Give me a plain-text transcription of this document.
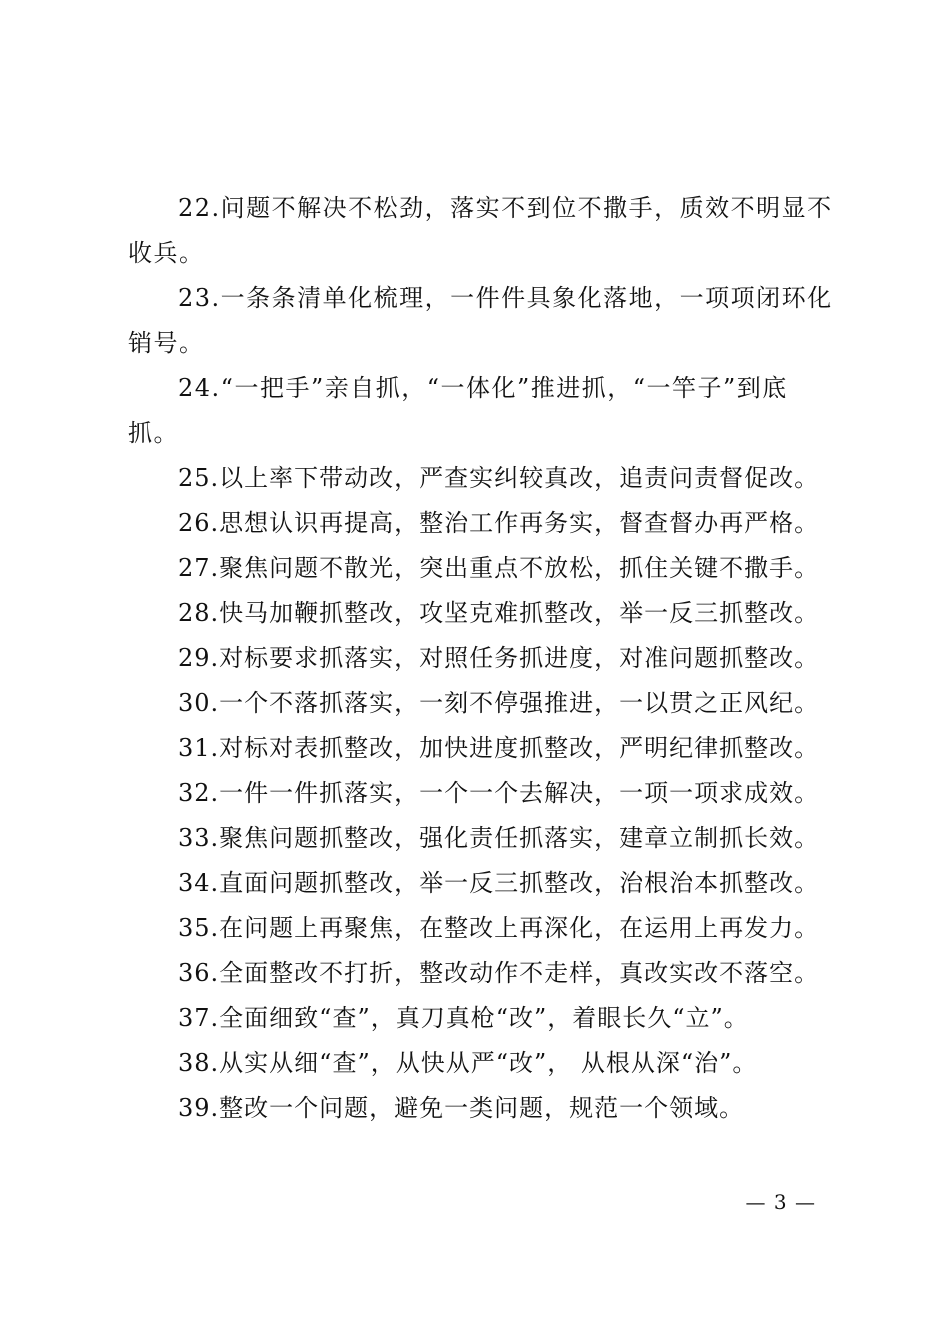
22.问题不解决不松劲，落实不到位不撒手，质效不明显不收兵。

23.一条条清单化梳理，一件件具象化落地，一项项闭环化销号。

24.“一把手”亲自抓，“一体化”推进抓，“一竿子”到底抓。

25.以上率下带动改，严查实纠较真改，追责问责督促改。

26.思想认识再提高，整治工作再务实，督查督办再严格。

27.聚焦问题不散光，突出重点不放松，抓住关键不撒手。

28.快马加鞭抓整改，攻坚克难抓整改，举一反三抓整改。

29.对标要求抓落实，对照任务抓进度，对准问题抓整改。

30.一个不落抓落实，一刻不停强推进，一以贯之正风纪。

31.对标对表抓整改，加快进度抓整改，严明纪律抓整改。

32.一件一件抓落实，一个一个去解决，一项一项求成效。

33.聚焦问题抓整改，强化责任抓落实，建章立制抓长效。

34.直面问题抓整改，举一反三抓整改，治根治本抓整改。

35.在问题上再聚焦，在整改上再深化，在运用上再发力。

36.全面整改不打折，整改动作不走样，真改实改不落空。

37.全面细致“查”，真刀真枪“改”，着眼长久“立”。

38.从实从细“查”，从快从严“改”， 从根从深“治”。

39.整改一个问题，避免一类问题，规范一个领域。

— 3 —
